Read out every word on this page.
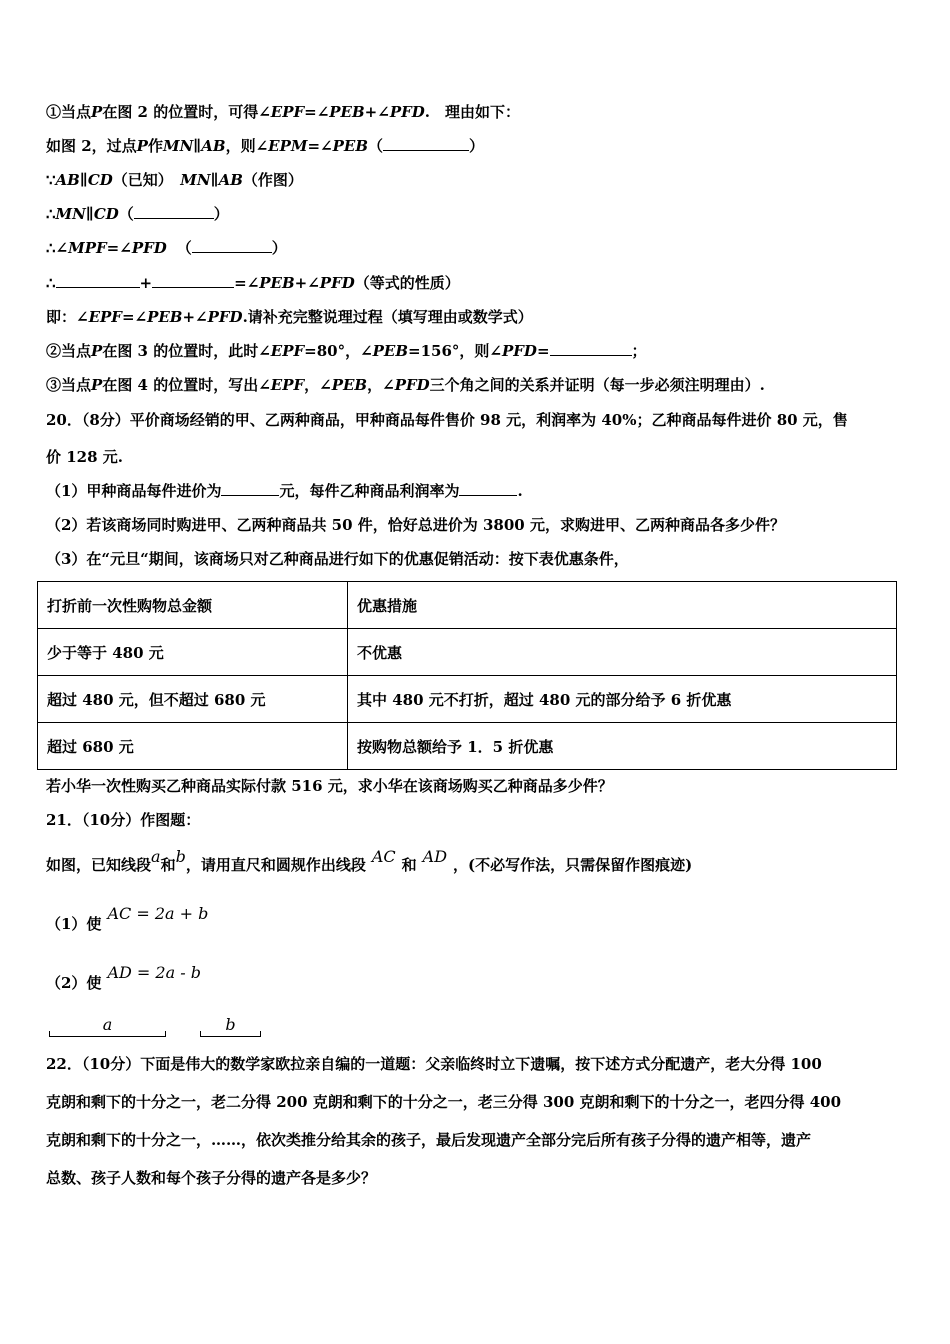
①当点P在图 2 的位置时，可得∠EPF=∠PEB+∠PFD.　理由如下：
如图 2，过点P作MN∥AB，则∠EPM=∠PEB（	）
∵AB∥CD（已知）　MN∥AB（作图）
∴MN∥CD（	）
∴∠MPF=∠PFD （	）
∴	+	=∠PEB+∠PFD（等式的性质）
即：∠EPF=∠PEB+∠PFD.请补充完整说理过程（填写理由或数学式）
②当点P在图 3 的位置时，此时∠EPF=80°，∠PEB=156°，则∠PFD=	；
③当点P在图 4 的位置时，写出∠EPF，∠PEB，∠PFD三个角之间的关系并证明（每一步必须注明理由）.
20．（8分）平价商场经销的甲、乙两种商品，甲种商品每件售价 98 元，利润率为 40%；乙种商品每件进价 80 元，售
价 128 元.
（1）甲种商品每件进价为	元，每件乙种商品利润率为	.
（2）若该商场同时购进甲、乙两种商品共 50 件，恰好总进价为 3800 元，求购进甲、乙两种商品各多少件？
（3）在“元旦“期间，该商场只对乙种商品进行如下的优惠促销活动：按下表优惠条件，
打折前一次性购物总金额	优惠措施
少于等于 480 元	不优惠
超过 480 元，但不超过 680 元	其中 480 元不打折，超过 480 元的部分给予 6 折优惠
超过 680 元	按购物总额给予 1．5 折优惠
若小华一次性购买乙种商品实际付款 516 元，求小华在该商场购买乙种商品多少件？
21．（10分）作图题：
如图，已知线段a和b，请用直尺和圆规作出线段 AC 和 AD ，(不必写作法，只需保留作图痕迹)
（1）使AC = 2a + b
（2）使AD = 2a - b
a	b
22．（10分）下面是伟大的数学家欧拉亲自编的一道题：父亲临终时立下遗嘱，按下述方式分配遗产，老大分得 100
克朗和剩下的十分之一，老二分得 200 克朗和剩下的十分之一，老三分得 300 克朗和剩下的十分之一，老四分得 400
克朗和剩下的十分之一，……，依次类推分给其余的孩子，最后发现遗产全部分完后所有孩子分得的遗产相等，遗产
总数、孩子人数和每个孩子分得的遗产各是多少？
